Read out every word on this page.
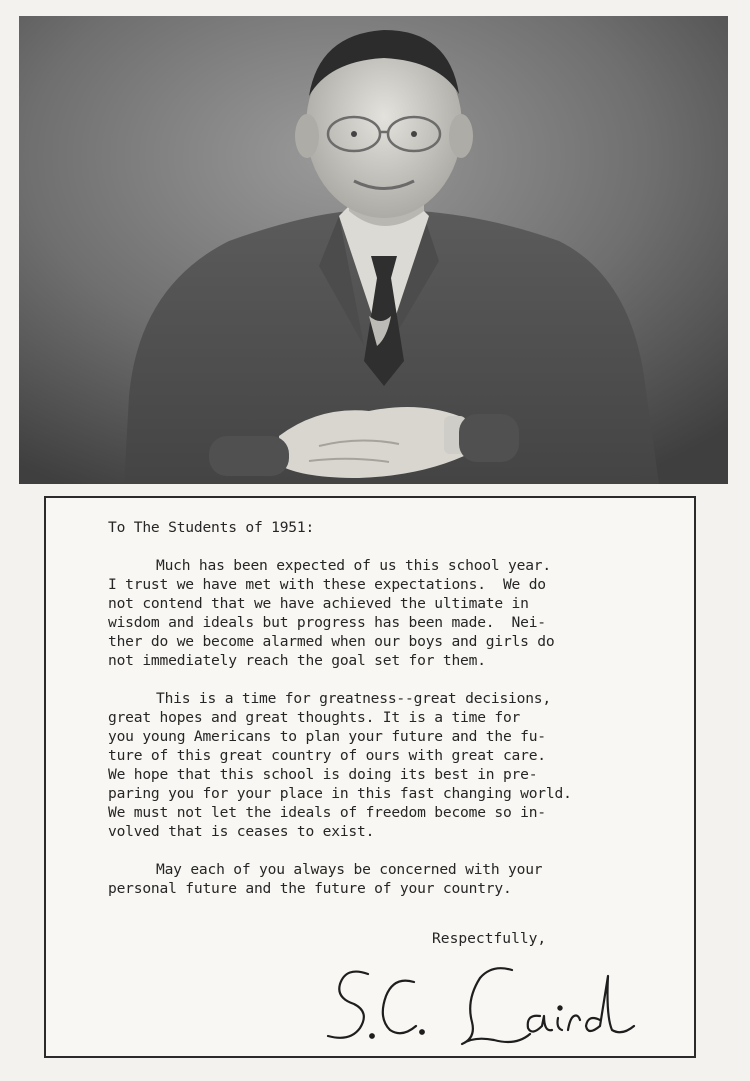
To The Students of 1951:
Much has been expected of us this school year.
I trust we have met with these expectations.  We do
not contend that we have achieved the ultimate in
wisdom and ideals but progress has been made.  Nei-
ther do we become alarmed when our boys and girls do
not immediately reach the goal set for them.
This is a time for greatness--great decisions,
great hopes and great thoughts. It is a time for
you young Americans to plan your future and the fu-
ture of this great country of ours with great care.
We hope that this school is doing its best in pre-
paring you for your place in this fast changing world.
We must not let the ideals of freedom become so in-
volved that is ceases to exist.
May each of you always be concerned with your
personal future and the future of your country.
Respectfully,
